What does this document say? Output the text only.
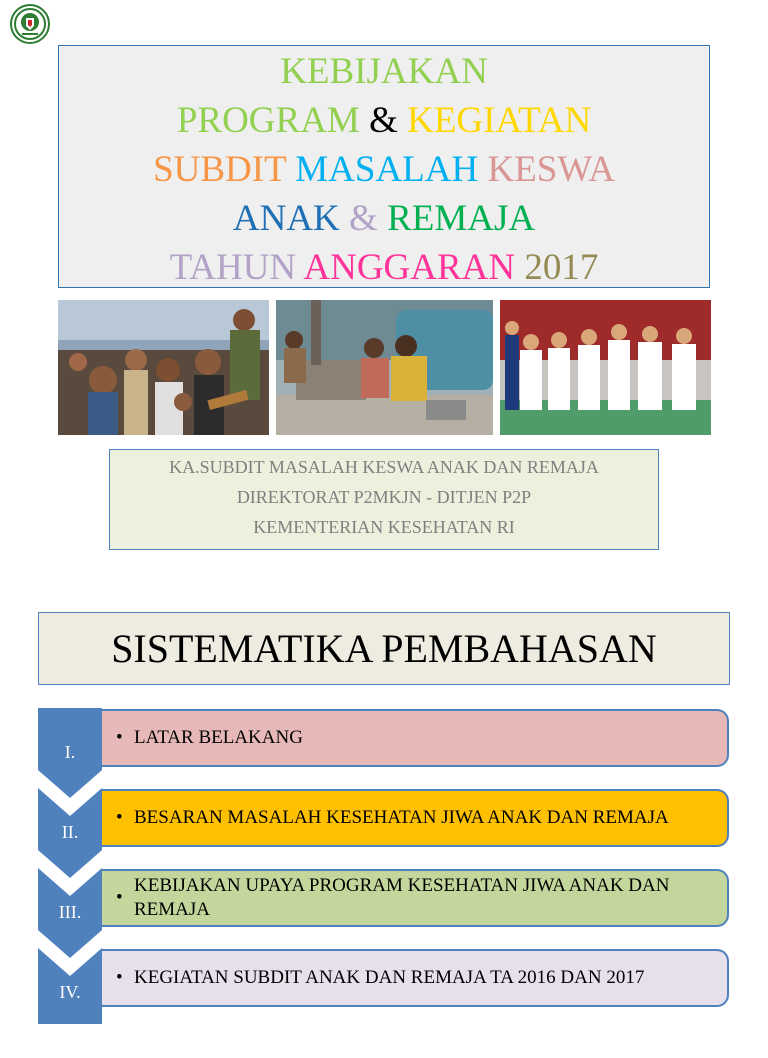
KEBIJAKAN
PROGRAM & KEGIATAN
SUBDIT MASALAH KESWA
ANAK & REMAJA
TAHUN ANGGARAN 2017
KA.SUBDIT MASALAH KESWA ANAK DAN REMAJA
DIREKTORAT P2MKJN - DITJEN P2P
KEMENTERIAN KESEHATAN RI
SISTEMATIKA PEMBAHASAN
I.
• LATAR BELAKANG
II.
• BESARAN MASALAH KESEHATAN JIWA ANAK DAN REMAJA
III.
•
KEBIJAKAN UPAYA PROGRAM KESEHATAN JIWA ANAK DAN REMAJA
IV.
• KEGIATAN SUBDIT ANAK DAN REMAJA TA 2016 DAN 2017
